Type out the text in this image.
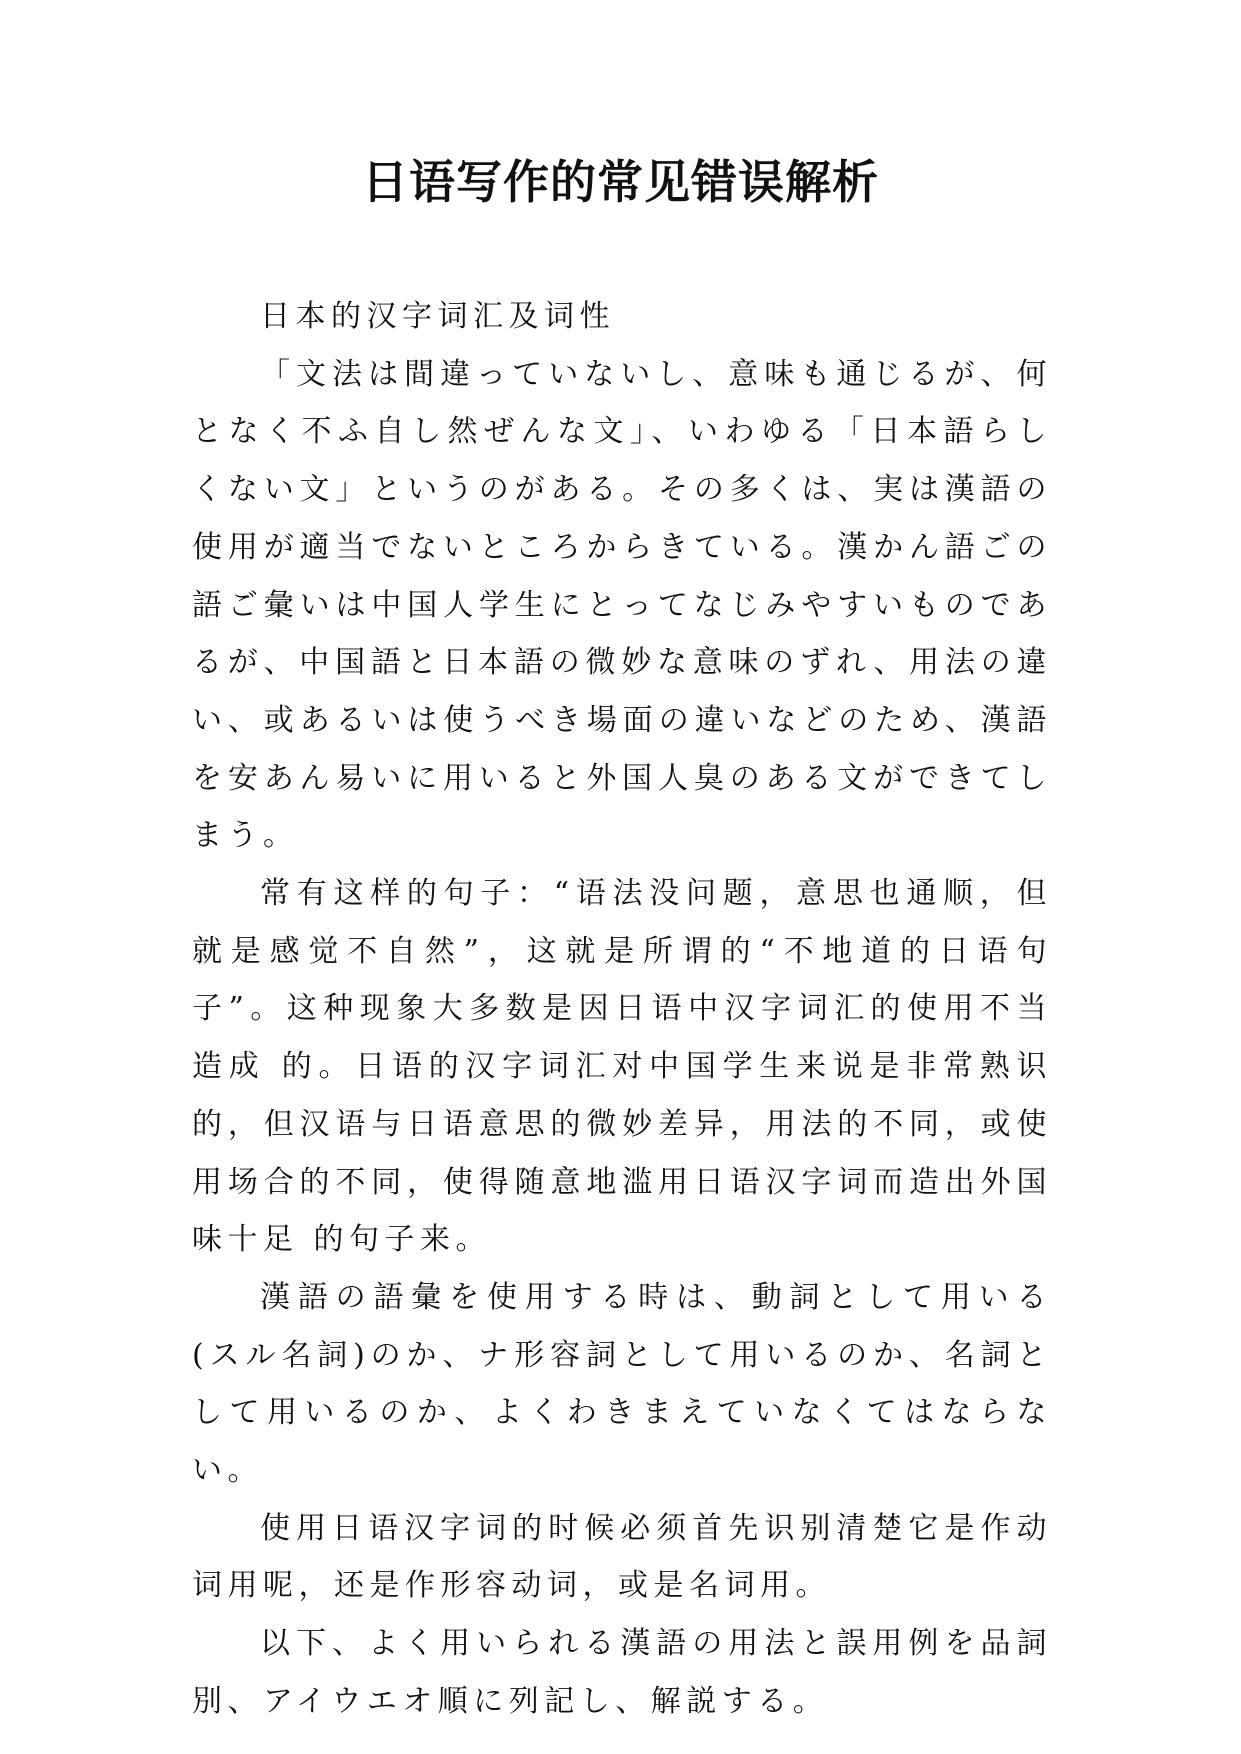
日语写作的常见错误解析

日本的汉字词汇及词性

「文法は間違っていないし、意味も通じるが、何となく不ふ自し然ぜんな文」、いわゆる「日本語らしくない文」というのがある。その多くは、実は漢語の使用が適当でないところからきている。漢かん語ごの語ご彙いは中国人学生にとってなじみやすいものであるが、中国語と日本語の微妙な意味のずれ、用法の違い、或あるいは使うべき場面の違いなどのため、漢語を安あん易いに用いると外国人臭のある文ができてしまう。

常有这样的句子：“语法没问题，意思也通顺，但就是感觉不自然”，这就是所谓的“不地道的日语句子”。这种现象大多数是因日语中汉字词汇的使用不当造成 的。日语的汉字词汇对中国学生来说是非常熟识的，但汉语与日语意思的微妙差异，用法的不同，或使用场合的不同，使得随意地滥用日语汉字词而造出外国味十足 的句子来。

漢語の語彙を使用する時は、動詞として用いる(スル名詞)のか、ナ形容詞として用いるのか、名詞として用いるのか、よくわきまえていなくてはならない。

使用日语汉字词的时候必须首先识别清楚它是作动词用呢，还是作形容动词，或是名词用。

以下、よく用いられる漢語の用法と誤用例を品詞別、アイウエオ順に列記し、解説する。
